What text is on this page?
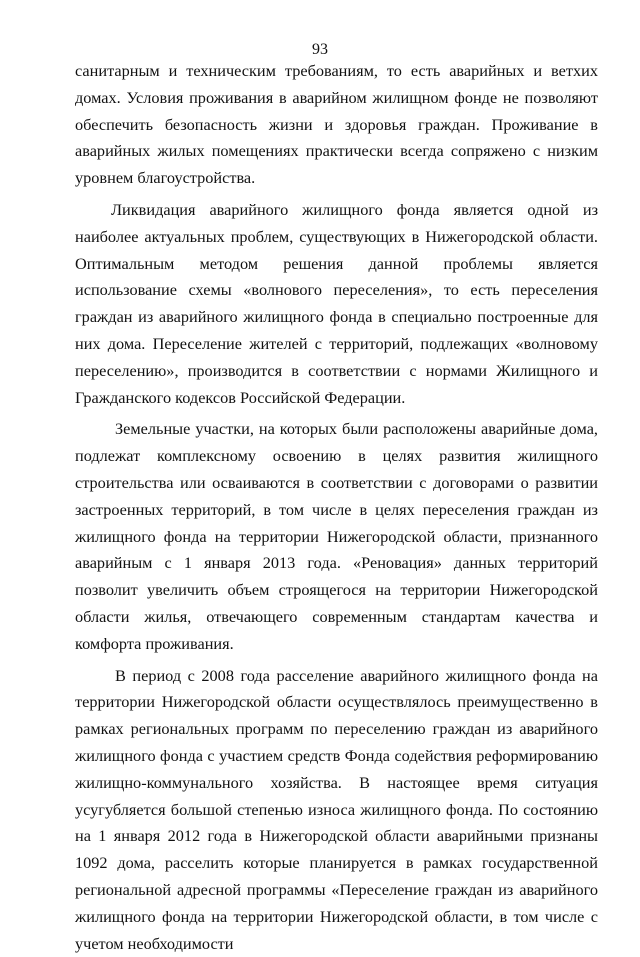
93

санитарным и техническим требованиям, то есть аварийных и ветхих домах. Условия проживания в аварийном жилищном фонде не позволяют обеспечить безопасность жизни и здоровья граждан. Проживание в аварийных жилых помещениях практически всегда сопряжено с низким уровнем благоустройства.

Ликвидация аварийного жилищного фонда является одной из наиболее актуальных проблем, существующих в Нижегородской области. Оптимальным методом решения данной проблемы является использование схемы «волнового переселения», то есть переселения граждан из аварийного жилищного фонда в специально построенные для них дома. Переселение жителей с территорий, подлежащих «волновому переселению», производится в соответствии с нормами Жилищного и Гражданского кодексов Российской Федерации.

Земельные участки, на которых были расположены аварийные дома, подлежат комплексному освоению в целях развития жилищного строительства или осваиваются в соответствии с договорами о развитии застроенных территорий, в том числе в целях переселения граждан из жилищного фонда на территории Нижегородской области, признанного аварийным с 1 января 2013 года. «Реновация» данных территорий позволит увеличить объем строящегося на территории Нижегородской области жилья, отвечающего современным стандартам качества и комфорта проживания.

В период с 2008 года расселение аварийного жилищного фонда на территории Нижегородской области осуществлялось преимущественно в рамках региональных программ по переселению граждан из аварийного жилищного фонда с участием средств Фонда содействия реформированию жилищно-коммунального хозяйства. В настоящее время ситуация усугубляется большой степенью износа жилищного фонда. По состоянию на 1 января 2012 года в Нижегородской области аварийными признаны 1092 дома, расселить которые планируется в рамках государственной региональной адресной программы «Переселение граждан из аварийного жилищного фонда на территории Нижегородской области, в том числе с учетом необходимости
